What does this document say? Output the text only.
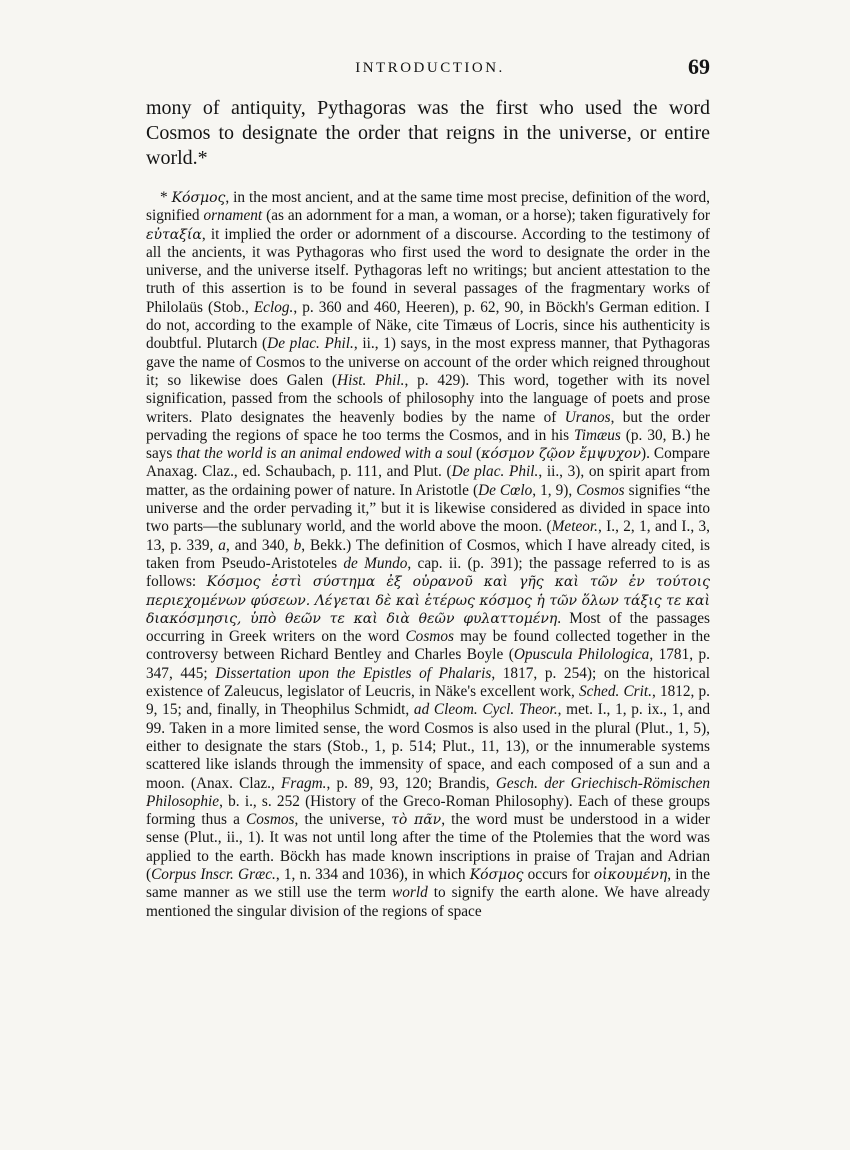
INTRODUCTION.	69

mony of antiquity, Pythagoras was the first who used the word Cosmos to designate the order that reigns in the universe, or entire world.*

* Κόσμος, in the most ancient, and at the same time most precise, definition of the word, signified ornament (as an adornment for a man, a woman, or a horse); taken figuratively for εὐταξία, it implied the order or adornment of a discourse. According to the testimony of all the ancients, it was Pythagoras who first used the word to designate the order in the universe, and the universe itself. Pythagoras left no writings; but ancient attestation to the truth of this assertion is to be found in several passages of the fragmentary works of Philolaüs (Stob., Eclog., p. 360 and 460, Heeren), p. 62, 90, in Böckh's German edition. I do not, according to the example of Näke, cite Timæus of Locris, since his authenticity is doubtful. Plutarch (De plac. Phil., ii., 1) says, in the most express manner, that Pythagoras gave the name of Cosmos to the universe on account of the order which reigned throughout it; so likewise does Galen (Hist. Phil., p. 429). This word, together with its novel signification, passed from the schools of philosophy into the language of poets and prose writers. Plato designates the heavenly bodies by the name of Uranos, but the order pervading the regions of space he too terms the Cosmos, and in his Timæus (p. 30, B.) he says that the world is an animal endowed with a soul (κόσμον ζῷον ἔμψυχον). Compare Anaxag. Claz., ed. Schaubach, p. 111, and Plut. (De plac. Phil., ii., 3), on spirit apart from matter, as the ordaining power of nature. In Aristotle (De Cœlo, 1, 9), Cosmos signifies “the universe and the order pervading it,” but it is likewise considered as divided in space into two parts—the sublunary world, and the world above the moon. (Meteor., I., 2, 1, and I., 3, 13, p. 339, a, and 340, b, Bekk.) The definition of Cosmos, which I have already cited, is taken from Pseudo-Aristoteles de Mundo, cap. ii. (p. 391); the passage referred to is as follows: Κόσμος ἐστὶ σύστημα ἐξ οὐρανοῦ καὶ γῆς καὶ τῶν ἐν τούτοις περιεχομένων φύσεων. Λέγεται δὲ καὶ ἑτέρως κόσμος ἡ τῶν ὅλων τάξις τε καὶ διακόσμησις, ὑπὸ θεῶν τε καὶ διὰ θεῶν φυλαττομένη. Most of the passages occurring in Greek writers on the word Cosmos may be found collected together in the controversy between Richard Bentley and Charles Boyle (Opuscula Philologica, 1781, p. 347, 445; Dissertation upon the Epistles of Phalaris, 1817, p. 254); on the historical existence of Zaleucus, legislator of Leucris, in Näke's excellent work, Sched. Crit., 1812, p. 9, 15; and, finally, in Theophilus Schmidt, ad Cleom. Cycl. Theor., met. I., 1, p. ix., 1, and 99. Taken in a more limited sense, the word Cosmos is also used in the plural (Plut., 1, 5), either to designate the stars (Stob., 1, p. 514; Plut., 11, 13), or the innumerable systems scattered like islands through the immensity of space, and each composed of a sun and a moon. (Anax. Claz., Fragm., p. 89, 93, 120; Brandis, Gesch. der Griechisch-Römischen Philosophie, b. i., s. 252 (History of the Greco-Roman Philosophy). Each of these groups forming thus a Cosmos, the universe, τὸ πᾶν, the word must be understood in a wider sense (Plut., ii., 1). It was not until long after the time of the Ptolemies that the word was applied to the earth. Böckh has made known inscriptions in praise of Trajan and Adrian (Corpus Inscr. Græc., 1, n. 334 and 1036), in which Κόσμος occurs for οἰκουμένη, in the same manner as we still use the term world to signify the earth alone. We have already mentioned the singular division of the regions of space
